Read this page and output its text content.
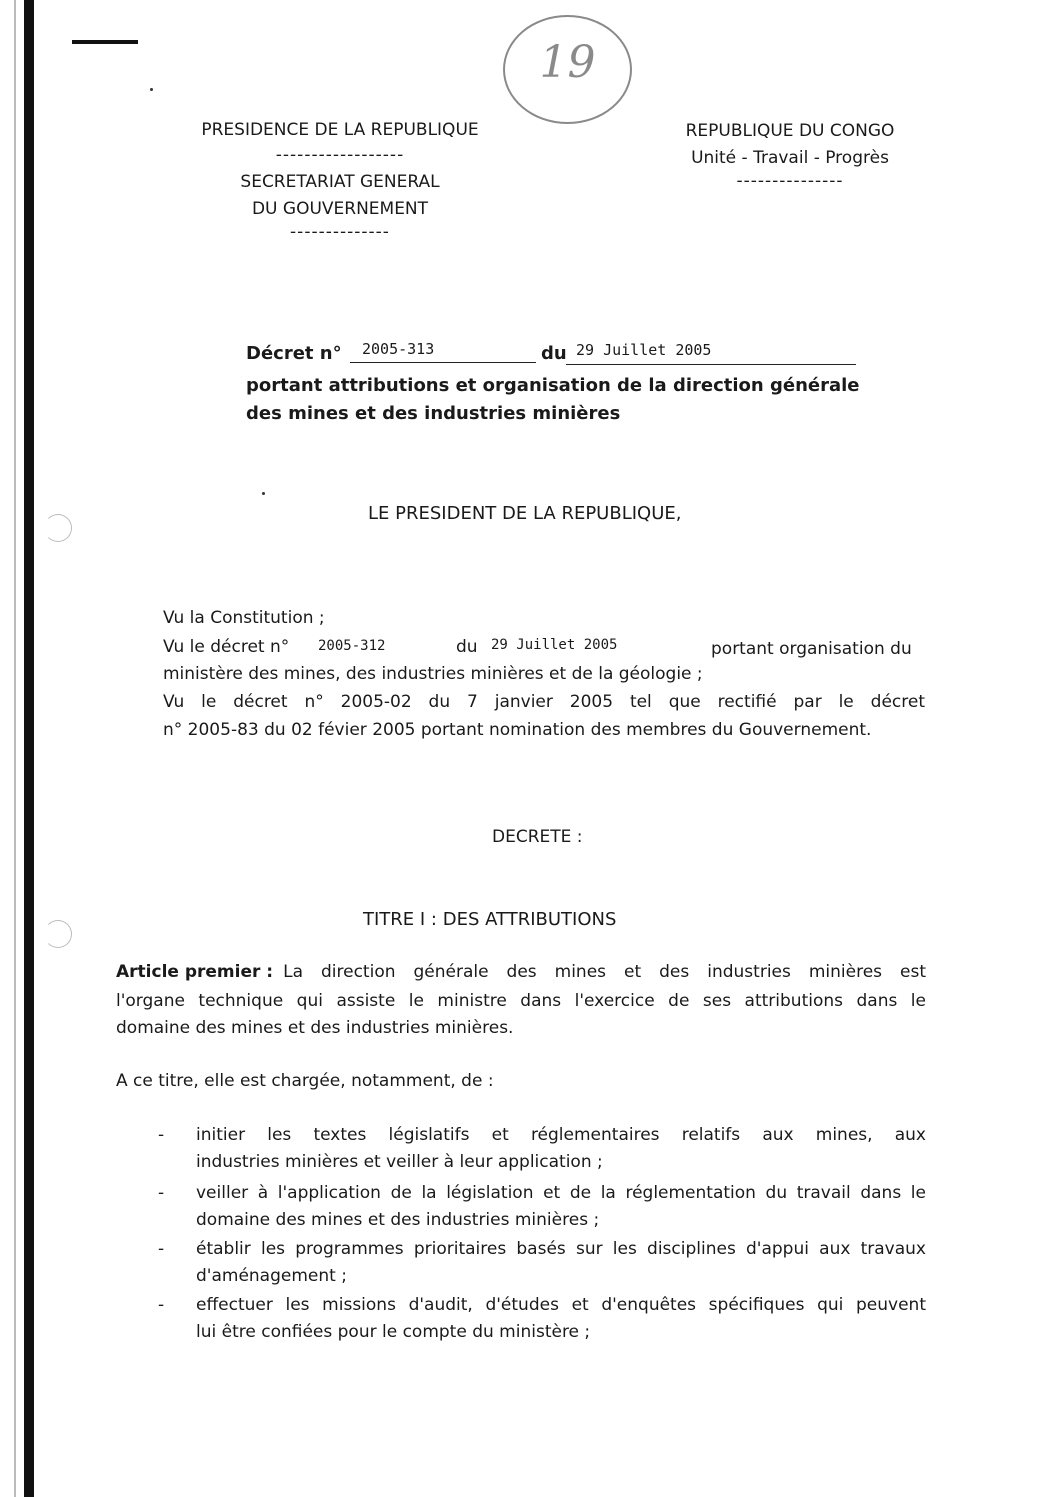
19
PRESIDENCE DE LA REPUBLIQUE
------------------
SECRETARIAT GENERAL
DU GOUVERNEMENT
--------------
REPUBLIQUE DU CONGO
Unité - Travail - Progrès
---------------
Décret n° 2005-313	du 29 Juillet 2005
portant attributions et organisation de la direction générale
des mines et des industries minières
LE PRESIDENT DE LA REPUBLIQUE,
Vu la Constitution ;
Vu le décret n° 2005-312	du 29 Juillet 2005	portant organisation du
ministère des mines, des industries minières et de la géologie ;
Vu le décret n° 2005-02 du 7 janvier 2005 tel que rectifié par le décret
n° 2005-83 du 02 févier 2005 portant nomination des membres du Gouvernement.
DECRETE :
TITRE I : DES ATTRIBUTIONS
Article premier : La direction générale des mines et des industries minières est
l'organe technique qui assiste le ministre dans l'exercice de ses attributions dans le
domaine des mines et des industries minières.
A ce titre, elle est chargée, notamment, de :
- initier les textes législatifs et réglementaires relatifs aux mines, aux
industries minières et veiller à leur application ;
- veiller à l'application de la législation et de la réglementation du travail dans le
domaine des mines et des industries minières ;
- établir les programmes prioritaires basés sur les disciplines d'appui aux travaux
d'aménagement ;
- effectuer les missions d'audit, d'études et d'enquêtes spécifiques qui peuvent
lui être confiées pour le compte du ministère ;
